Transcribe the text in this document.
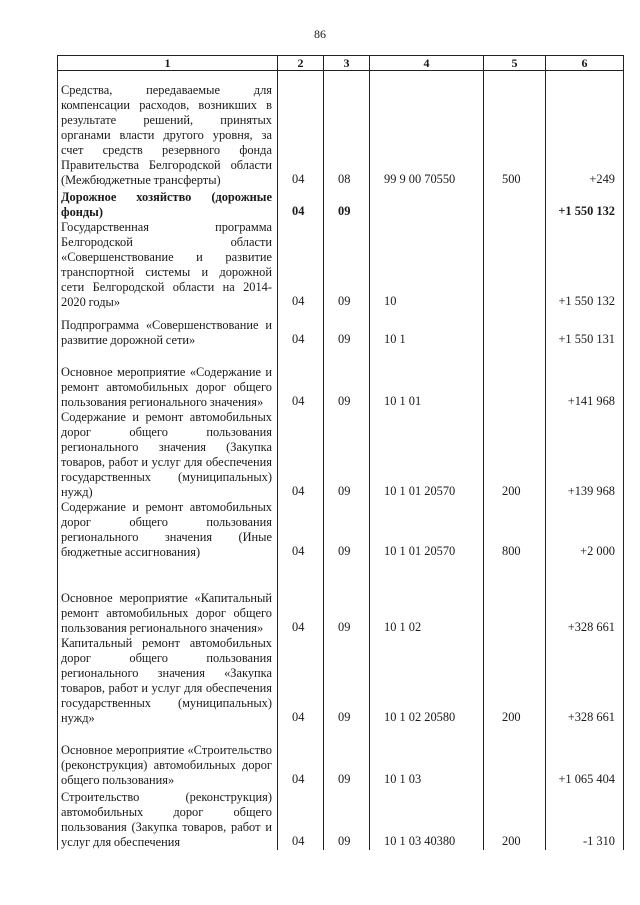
86
1	2	3	4	5	6
Средства, передаваемые для компенсации расходов, возникших в результате решений, принятых органами власти другого уровня, за счет средств резервного фонда Правительства Белгородской области (Межбюджетные трансферты)	04	08	99 9 00 70550	500	+249
Дорожное хозяйство (дорожные фонды)	04	09			+1 550 132
Государственная программа Белгородской области «Совершенствование и развитие транспортной системы и дорожной сети Белгородской области на 2014-2020 годы»	04	09	10		+1 550 132
Подпрограмма «Совершенствование и развитие дорожной сети»	04	09	10 1		+1 550 131
Основное мероприятие «Содержание и ремонт автомобильных дорог общего пользования регионального значения»	04	09	10 1 01		+141 968
Содержание и ремонт автомобильных дорог общего пользования регионального значения (Закупка товаров, работ и услуг для обеспечения государственных (муниципальных) нужд)	04	09	10 1 01 20570	200	+139 968
Содержание и ремонт автомобильных дорог общего пользования регионального значения (Иные бюджетные ассигнования)	04	09	10 1 01 20570	800	+2 000
Основное мероприятие «Капитальный ремонт автомобильных дорог общего пользования регионального значения»	04	09	10 1 02		+328 661
Капитальный ремонт автомобильных дорог общего пользования регионального значения «Закупка товаров, работ и услуг для обеспечения государственных (муниципальных) нужд»	04	09	10 1 02 20580	200	+328 661
Основное мероприятие «Строительство (реконструкция) автомобильных дорог общего пользования»	04	09	10 1 03		+1 065 404
Строительство (реконструкция) автомобильных дорог общего пользования (Закупка товаров, работ и услуг для обеспечения	04	09	10 1 03 40380	200	-1 310
